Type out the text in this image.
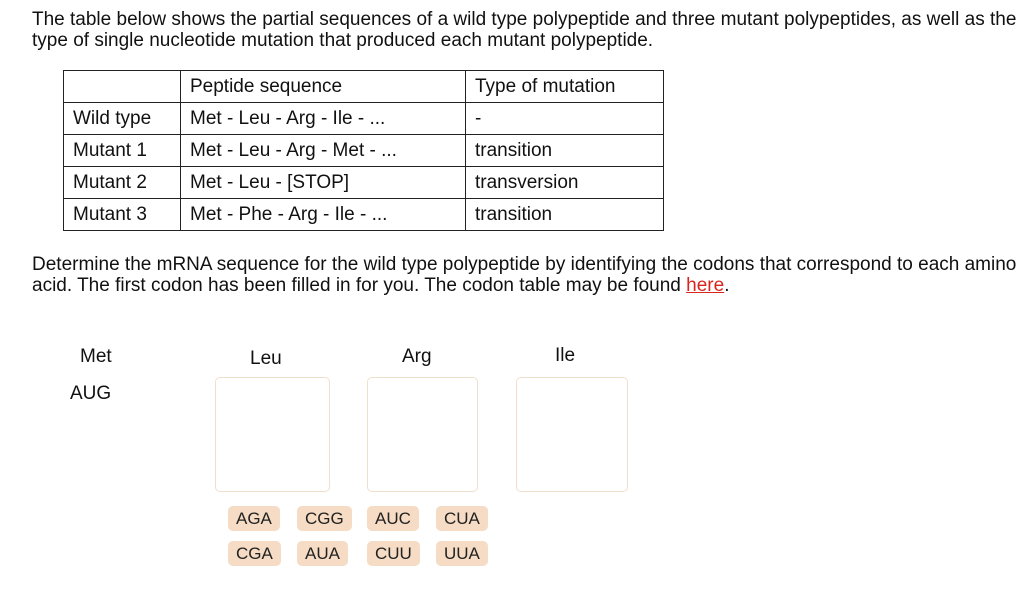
The table below shows the partial sequences of a wild type polypeptide and three mutant polypeptides, as well as the type of single nucleotide mutation that produced each mutant polypeptide.

	Peptide sequence	Type of mutation
Wild type	Met - Leu - Arg - Ile - ...	-
Mutant 1	Met - Leu - Arg - Met - ...	transition
Mutant 2	Met - Leu - [STOP]	transversion
Mutant 3	Met - Phe - Arg - Ile - ...	transition

Determine the mRNA sequence for the wild type polypeptide by identifying the codons that correspond to each amino acid. The first codon has been filled in for you. The codon table may be found here.

Met	Leu	Arg	Ile
AUG
AGA	CGG	AUC	CUA
CGA	AUA	CUU	UUA
